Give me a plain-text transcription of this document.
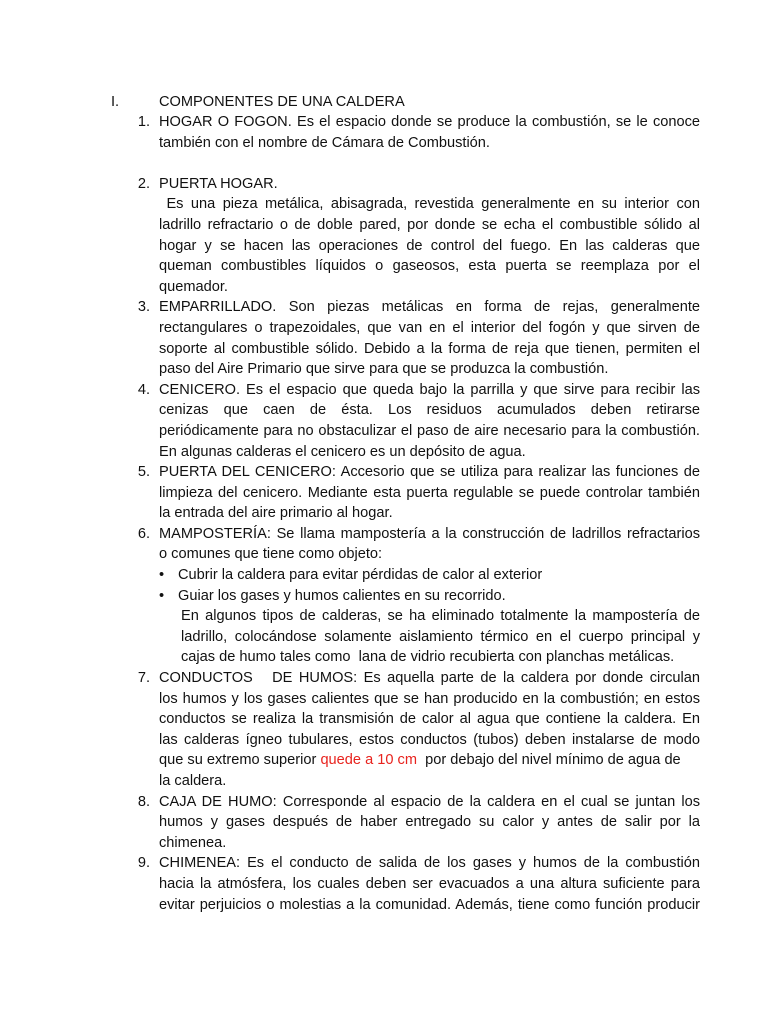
I.	COMPONENTES DE UNA CALDERA
1. HOGAR O FOGON. Es el espacio donde se produce la combustión, se le conoce

también con el nombre de Cámara de Combustión.

2. PUERTA HOGAR.

Es una pieza metálica, abisagrada, revestida generalmente en su interior con

ladrillo refractario o de doble pared, por donde se echa el combustible sólido al

hogar y se hacen las operaciones de control del fuego. En las calderas que

queman combustibles líquidos o gaseosos, esta puerta se reemplaza por el

quemador.

3. EMPARRILLADO. Son piezas metálicas en forma de rejas, generalmente

rectangulares o trapezoidales, que van en el interior del fogón y que sirven de

soporte al combustible sólido. Debido a la forma de reja que tienen, permiten el

paso del Aire Primario que sirve para que se produzca la combustión.

4. CENICERO. Es el espacio que queda bajo la parrilla y que sirve para recibir las

cenizas que caen de ésta. Los residuos acumulados deben retirarse

periódicamente para no obstaculizar el paso de aire necesario para la combustión.

En algunas calderas el cenicero es un depósito de agua.

5. PUERTA DEL CENICERO: Accesorio que se utiliza para realizar las funciones de

limpieza del cenicero. Mediante esta puerta regulable se puede controlar también

la entrada del aire primario al hogar.

6. MAMPOSTERÍA: Se llama mampostería a la construcción de ladrillos refractarios

o comunes que tiene como objeto:

• Cubrir la caldera para evitar pérdidas de calor al exterior
• Guiar los gases y humos calientes en su recorrido.

En algunos tipos de calderas, se ha eliminado totalmente la mampostería de

ladrillo, colocándose solamente aislamiento térmico en el cuerpo principal y

cajas de humo tales como  lana de vidrio recubierta con planchas metálicas.

7. CONDUCTOS   DE HUMOS: Es aquella parte de la caldera por donde circulan

los humos y los gases calientes que se han producido en la combustión; en estos

conductos se realiza la transmisión de calor al agua que contiene la caldera. En

las calderas ígneo tubulares, estos conductos (tubos) deben instalarse de modo

que su extremo superior quede a 10 cm  por debajo del nivel mínimo de agua de

la caldera.

8. CAJA DE HUMO: Corresponde al espacio de la caldera en el cual se juntan los

humos y gases después de haber entregado su calor y antes de salir por la

chimenea.

9. CHIMENEA: Es el conducto de salida de los gases y humos de la combustión

hacia la atmósfera, los cuales deben ser evacuados a una altura suficiente para

evitar perjuicios o molestias a la comunidad. Además, tiene como función producir
